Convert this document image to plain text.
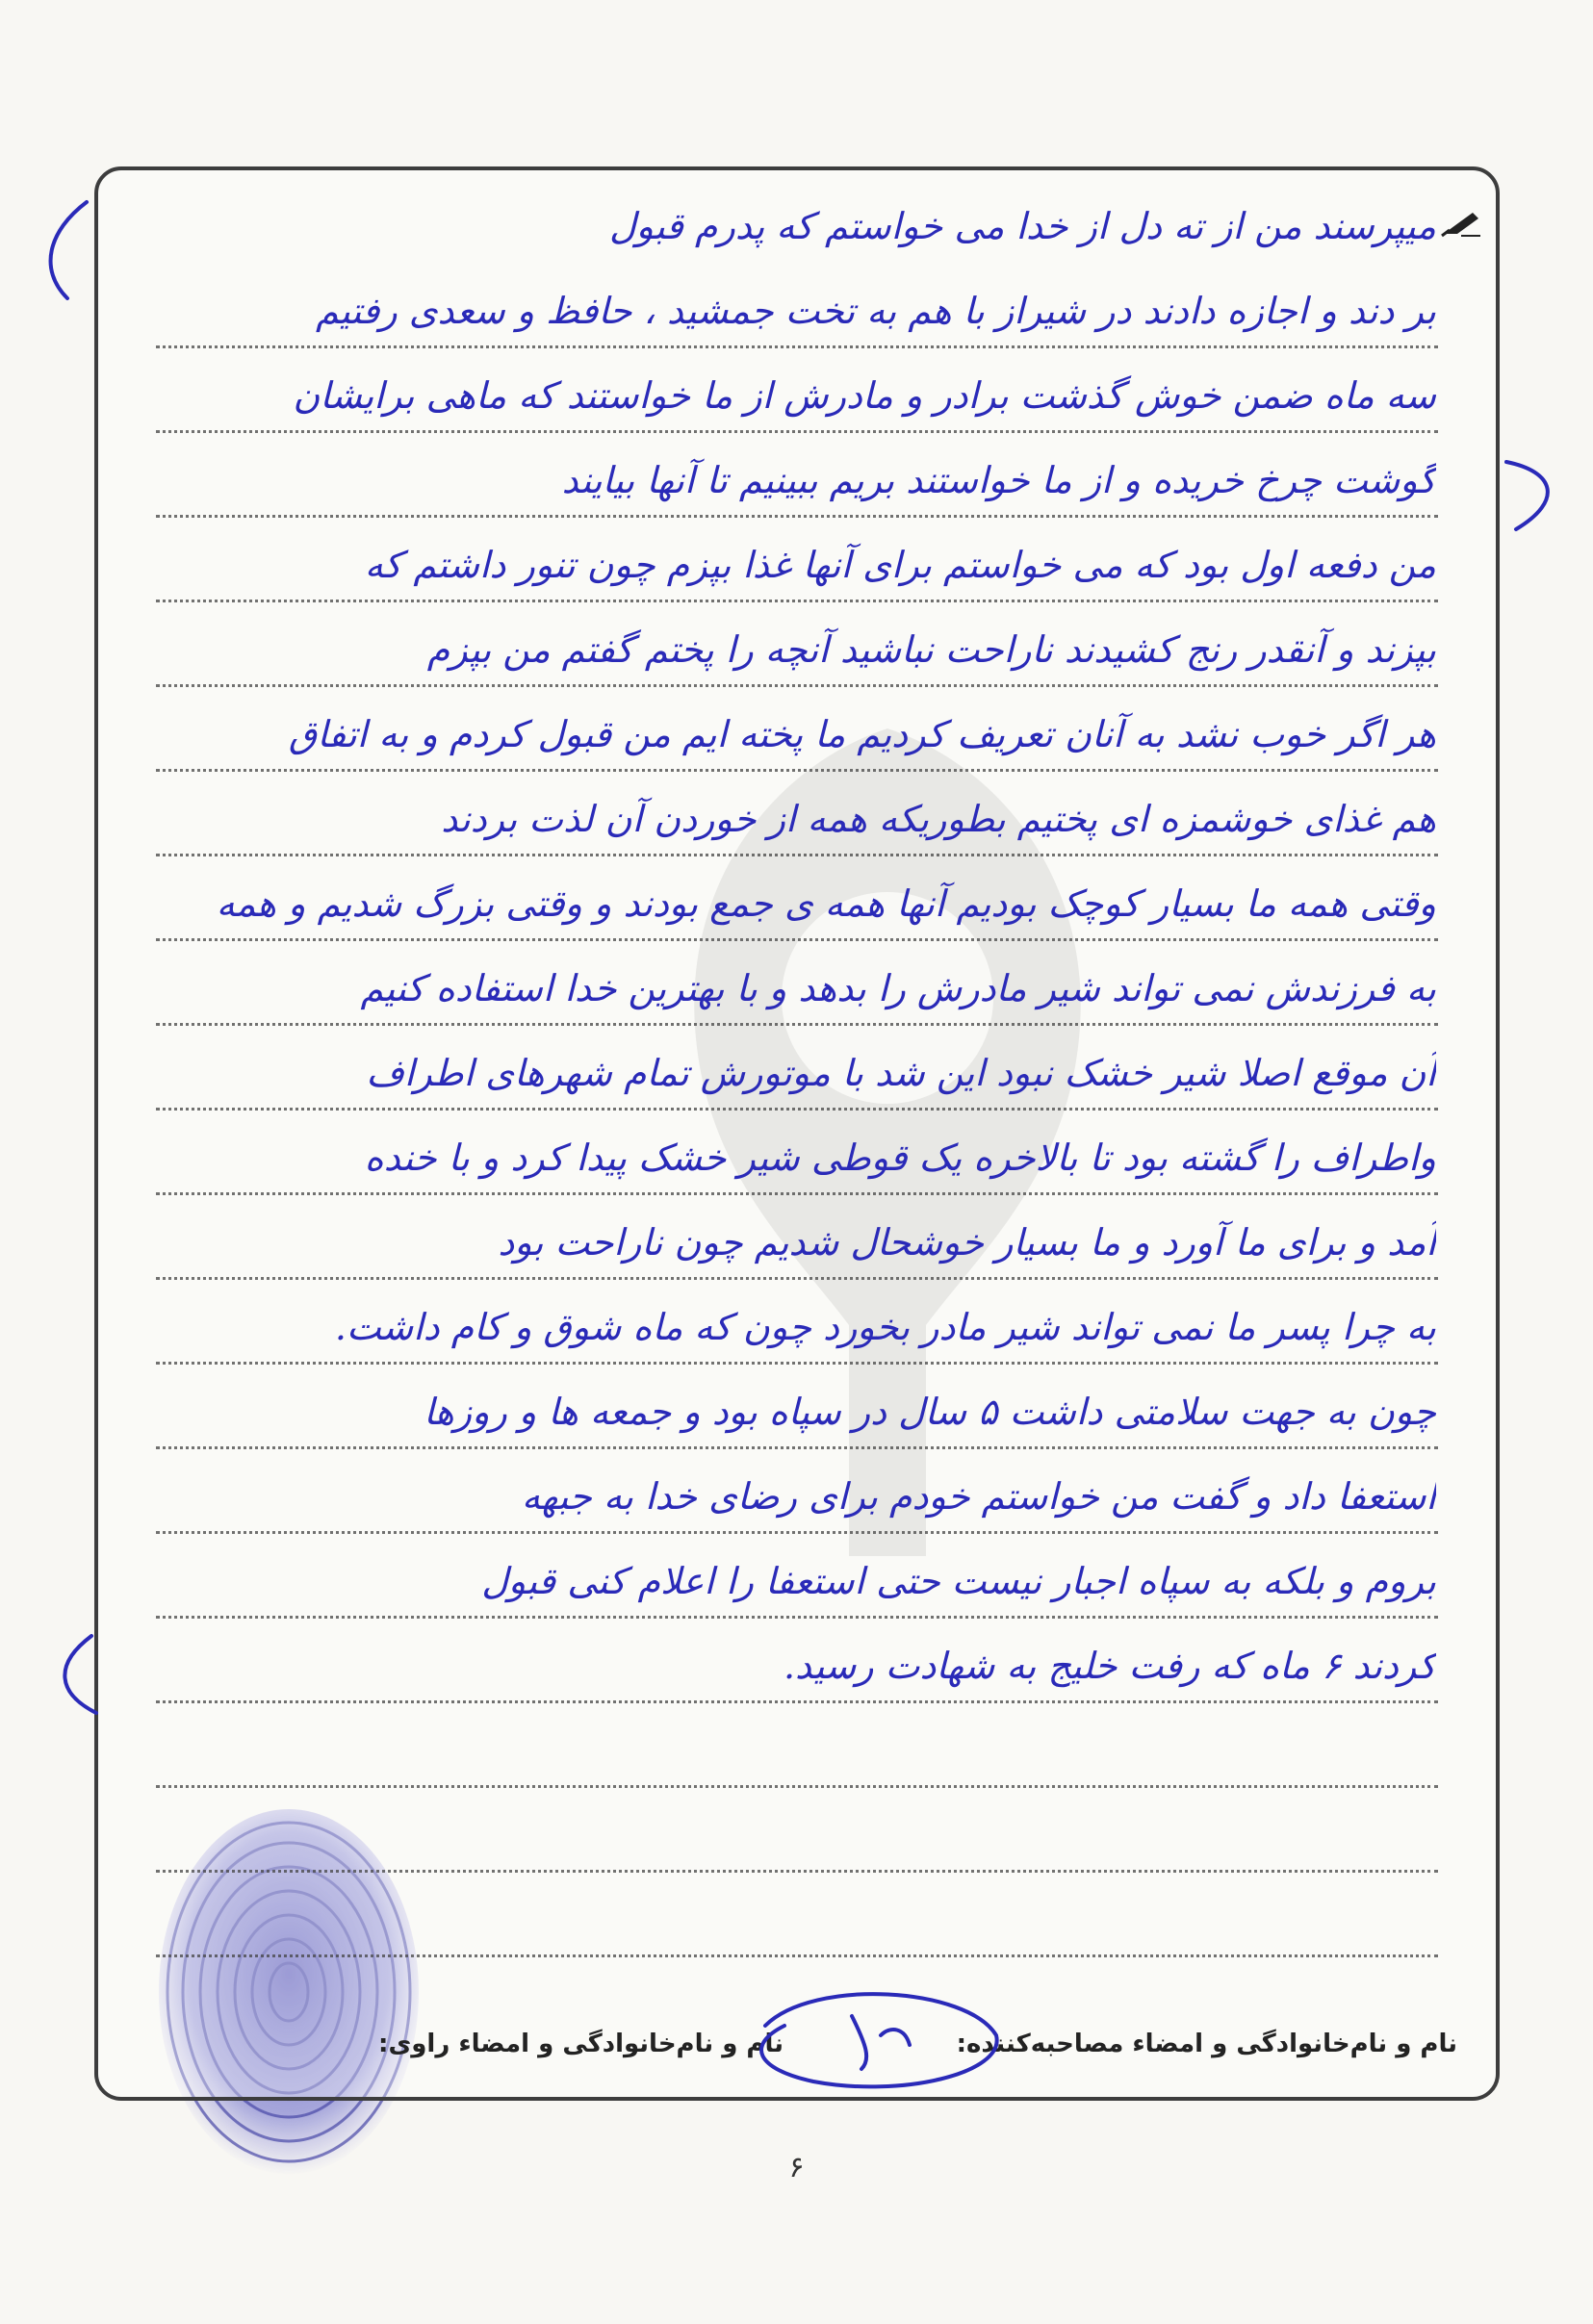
میپرسند من از ته دل از خدا می خواستم که پدرم قبول
بر دند و اجازه دادند در شیراز با هم به تخت جمشید ، حافظ و سعدی رفتیم
سه ماه ضمن خوش گذشت برادر و مادرش از ما خواستند که ماهی برایشان
گوشت چرخ خریده و از ما خواستند بریم ببینیم تا آنها بیایند
من دفعه اول بود که می خواستم برای آنها غذا بپزم چون تنور داشتم که
بپزند و آنقدر رنج کشیدند ناراحت نباشید آنچه را پختم گفتم من بپزم
هر اگر خوب نشد به آنان تعریف کردیم ما پخته ایم من قبول کردم و به اتفاق
هم غذای خوشمزه ای پختیم بطوریکه همه از خوردن آن لذت بردند
وقتی همه ما بسیار کوچک بودیم آنها همه ی جمع بودند و وقتی بزرگ شدیم و همه
به فرزندش نمی تواند شیر مادرش را بدهد و با بهترین خدا استفاده کنیم
آن موقع اصلا شیر خشک نبود این شد با موتورش تمام شهرهای اطراف
واطراف را گشته بود تا بالاخره یک قوطی شیر خشک پیدا کرد و با خنده
آمد و برای ما آورد و ما بسیار خوشحال شدیم چون ناراحت بود
به چرا پسر ما نمی تواند شیر مادر بخورد چون که ماه شوق و کام داشت.
چون به جهت سلامتی داشت ۵ سال در سپاه بود و جمعه ها و روزها
استعفا داد و گفت من خواستم خودم برای رضای خدا به جبهه
بروم و بلکه به سپاه اجبار نیست حتی استعفا را اعلام کنی قبول
کردند ۶ ماه که رفت خلیج به شهادت رسید.
نام و نام‌خانوادگی و امضاء مصاحبه‌کننده:
نام و نام‌خانوادگی و امضاء راوی:
۶
